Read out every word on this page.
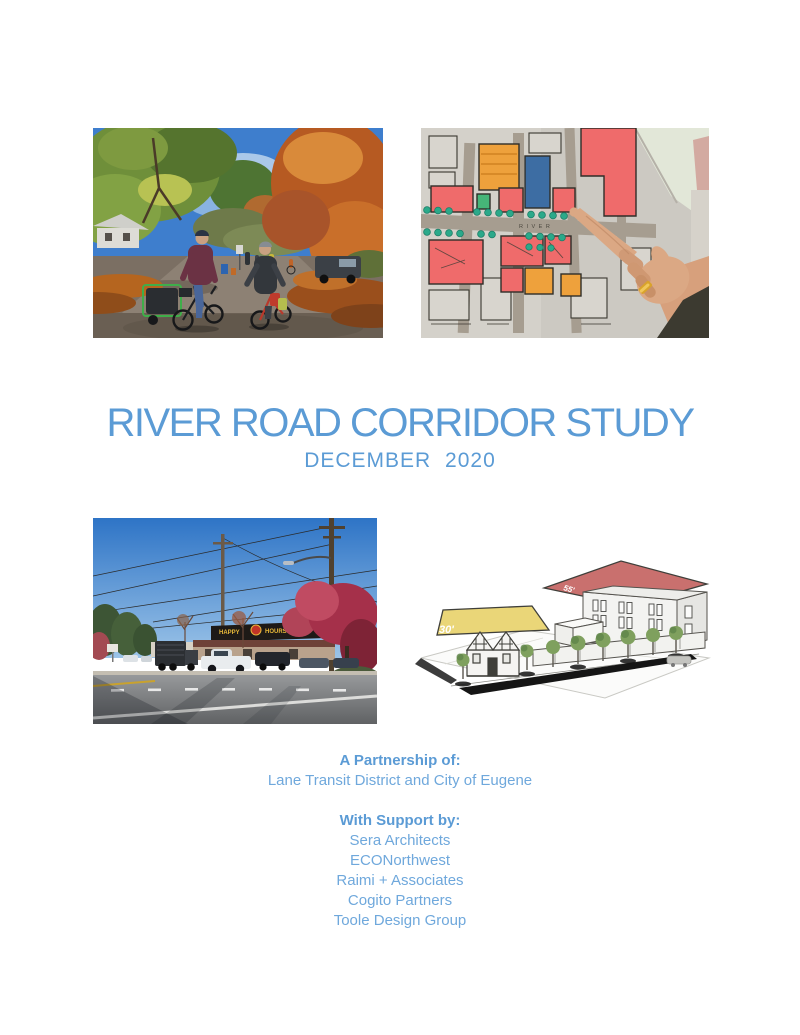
RIVER
RIVER ROAD CORRIDOR STUDY
DECEMBER 2020
HAPPY	HOURS
55'
30'
A Partnership of:
Lane Transit District and City of Eugene
With Support by:
Sera Architects
ECONorthwest
Raimi + Associates
Cogito Partners
Toole Design Group
